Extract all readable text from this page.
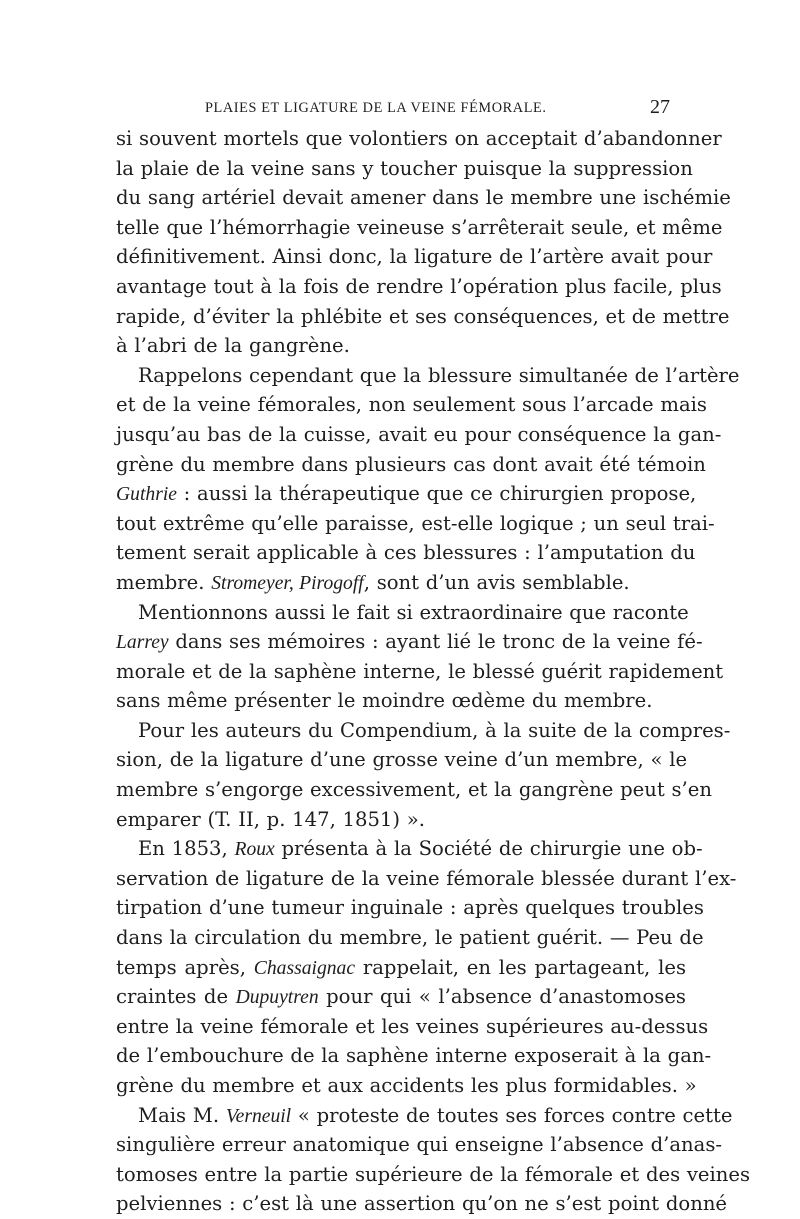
PLAIES ET LIGATURE DE LA VEINE FÉMORALE.	27
si souvent mortels que volontiers on acceptait d’abandonner
la plaie de la veine sans y toucher puisque la suppression
du sang artériel devait amener dans le membre une ischémie
telle que l’hémorrhagie veineuse s’arrêterait seule, et même
définitivement. Ainsi donc, la ligature de l’artère avait pour
avantage tout à la fois de rendre l’opération plus facile, plus
rapide, d’éviter la phlébite et ses conséquences, et de mettre
à l’abri de la gangrène.
Rappelons cependant que la blessure simultanée de l’artère
et de la veine fémorales, non seulement sous l’arcade mais
jusqu’au bas de la cuisse, avait eu pour conséquence la gan-
grène du membre dans plusieurs cas dont avait été témoin
Guthrie : aussi la thérapeutique que ce chirurgien propose,
tout extrême qu’elle paraisse, est-elle logique ; un seul trai-
tement serait applicable à ces blessures : l’amputation du
membre. Stromeyer, Pirogoff, sont d’un avis semblable.
Mentionnons aussi le fait si extraordinaire que raconte
Larrey dans ses mémoires : ayant lié le tronc de la veine fé-
morale et de la saphène interne, le blessé guérit rapidement
sans même présenter le moindre œdème du membre.
Pour les auteurs du Compendium, à la suite de la compres-
sion, de la ligature d’une grosse veine d’un membre, « le
membre s’engorge excessivement, et la gangrène peut s’en
emparer (T. II, p. 147, 1851) ».
En 1853, Roux présenta à la Société de chirurgie une ob-
servation de ligature de la veine fémorale blessée durant l’ex-
tirpation d’une tumeur inguinale : après quelques troubles
dans la circulation du membre, le patient guérit. — Peu de
temps après, Chassaignac rappelait, en les partageant, les
craintes de Dupuytren pour qui « l’absence d’anastomoses
entre la veine fémorale et les veines supérieures au-dessus
de l’embouchure de la saphène interne exposerait à la gan-
grène du membre et aux accidents les plus formidables. »
Mais M. Verneuil « proteste de toutes ses forces contre cette
singulière erreur anatomique qui enseigne l’absence d’anas-
tomoses entre la partie supérieure de la fémorale et des veines
pelviennes : c’est là une assertion qu’on ne s’est point donné
